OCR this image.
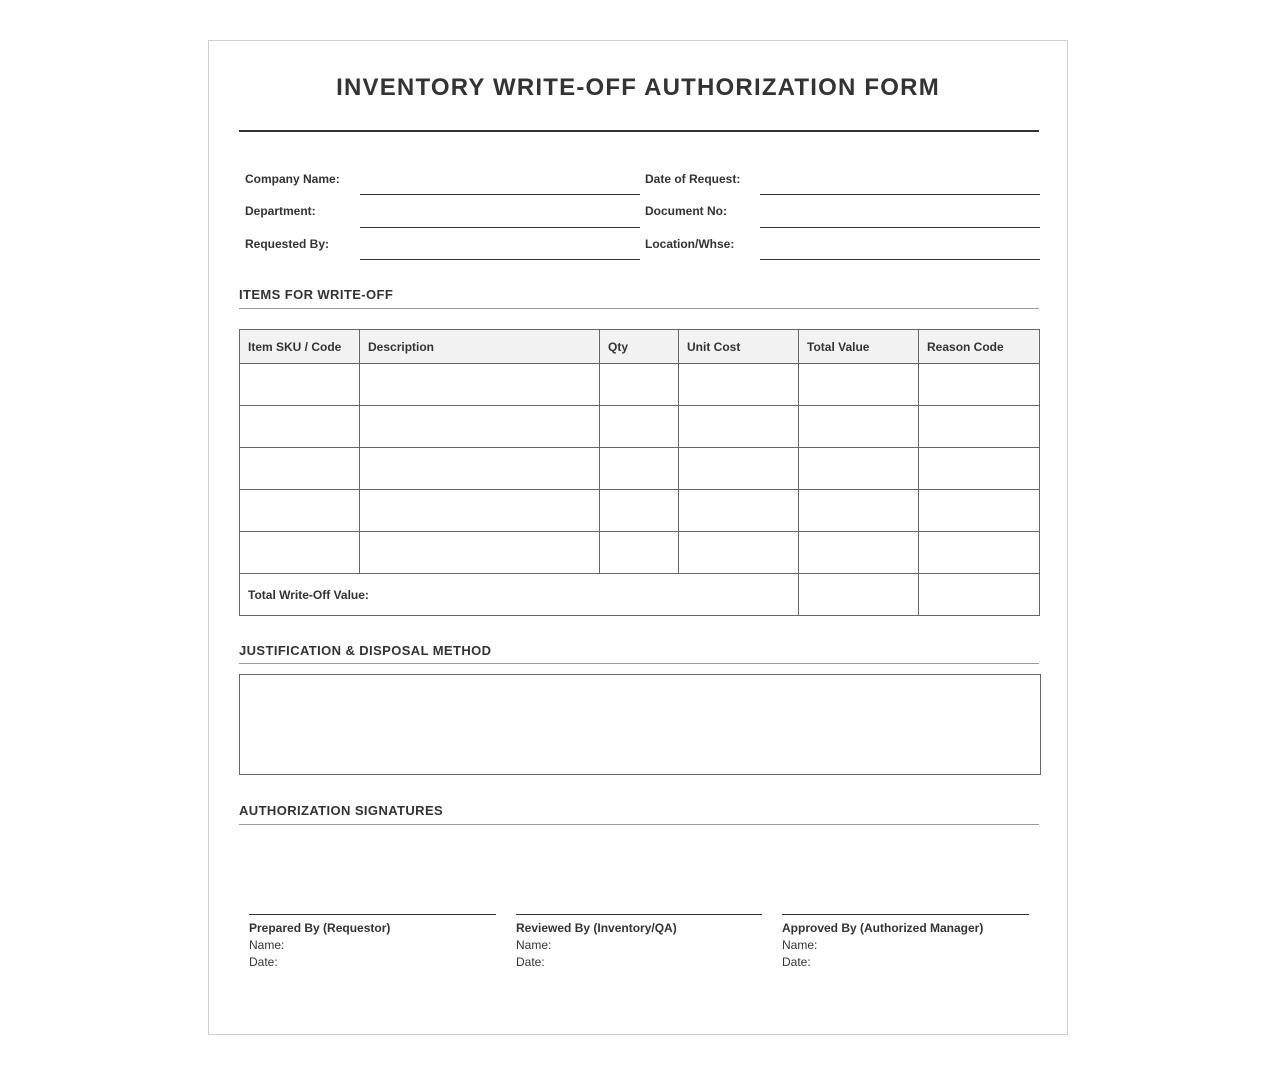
INVENTORY WRITE-OFF AUTHORIZATION FORM
Company Name:
Department:
Requested By:
Date of Request:
Document No:
Location/Whse:
ITEMS FOR WRITE-OFF
Item SKU / Code	Description	Qty	Unit Cost	Total Value	Reason Code

Total Write-Off Value:					
JUSTIFICATION & DISPOSAL METHOD
AUTHORIZATION SIGNATURES
Prepared By (Requestor)
Name:
Date:
Reviewed By (Inventory/QA)
Name:
Date:
Approved By (Authorized Manager)
Name:
Date:
